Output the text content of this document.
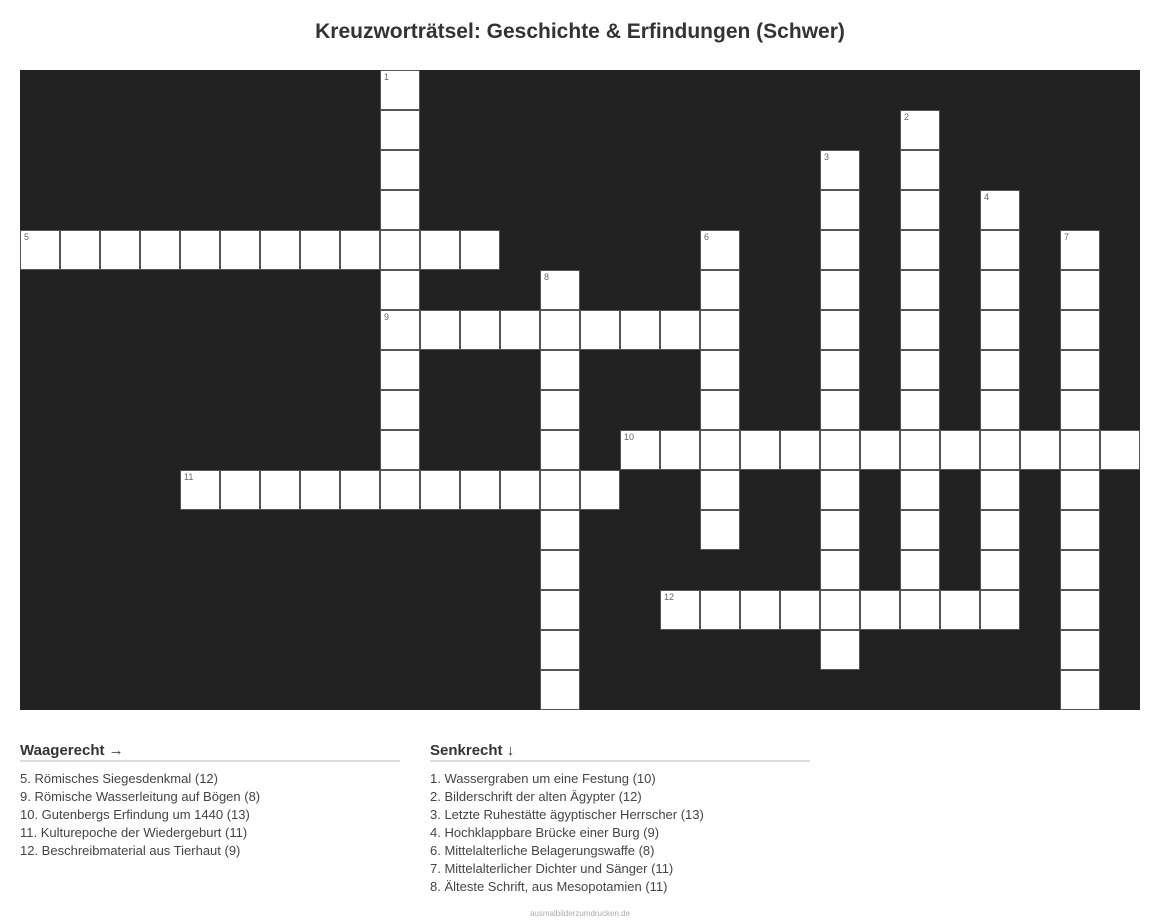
Kreuzworträtsel: Geschichte & Erfindungen (Schwer)
5
9
10
11
12
1
2
3
4
6	7
8
Waagerecht →
5. Römisches Siegesdenkmal (12)
9. Römische Wasserleitung auf Bögen (8)
10. Gutenbergs Erfindung um 1440 (13)
11. Kulturepoche der Wiedergeburt (11)
12. Beschreibmaterial aus Tierhaut (9)
Senkrecht ↓
1. Wassergraben um eine Festung (10)
2. Bilderschrift der alten Ägypter (12)
3. Letzte Ruhestätte ägyptischer Herrscher (13)
4. Hochklappbare Brücke einer Burg (9)
6. Mittelalterliche Belagerungswaffe (8)
7. Mittelalterlicher Dichter und Sänger (11)
8. Älteste Schrift, aus Mesopotamien (11)
ausmalbilderzumdrucken.de
